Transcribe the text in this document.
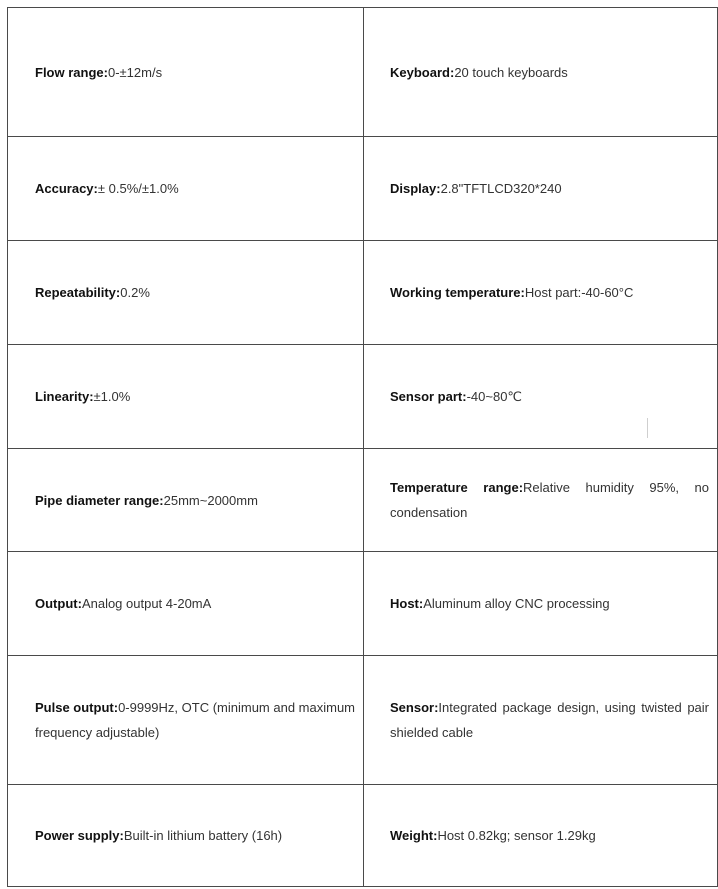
Flow range:0-±12m/s	Keyboard:20 touch keyboards
Accuracy:± 0.5%/±1.0%	Display:2.8"TFTLCD320*240
Repeatability:0.2%	Working temperature:Host part:-40-60°C
Linearity:±1.0%	Sensor part:-40~80℃
Pipe diameter range:25mm~2000mm	Temperature range:Relative humidity 95%, no condensation
Output:Analog output 4-20mA	Host:Aluminum alloy CNC processing
Pulse output:0-9999Hz, OTC (minimum and maximum frequency adjustable)	Sensor:Integrated package design, using twisted pair shielded cable
Power supply:Built-in lithium battery (16h)	Weight:Host 0.82kg; sensor 1.29kg
